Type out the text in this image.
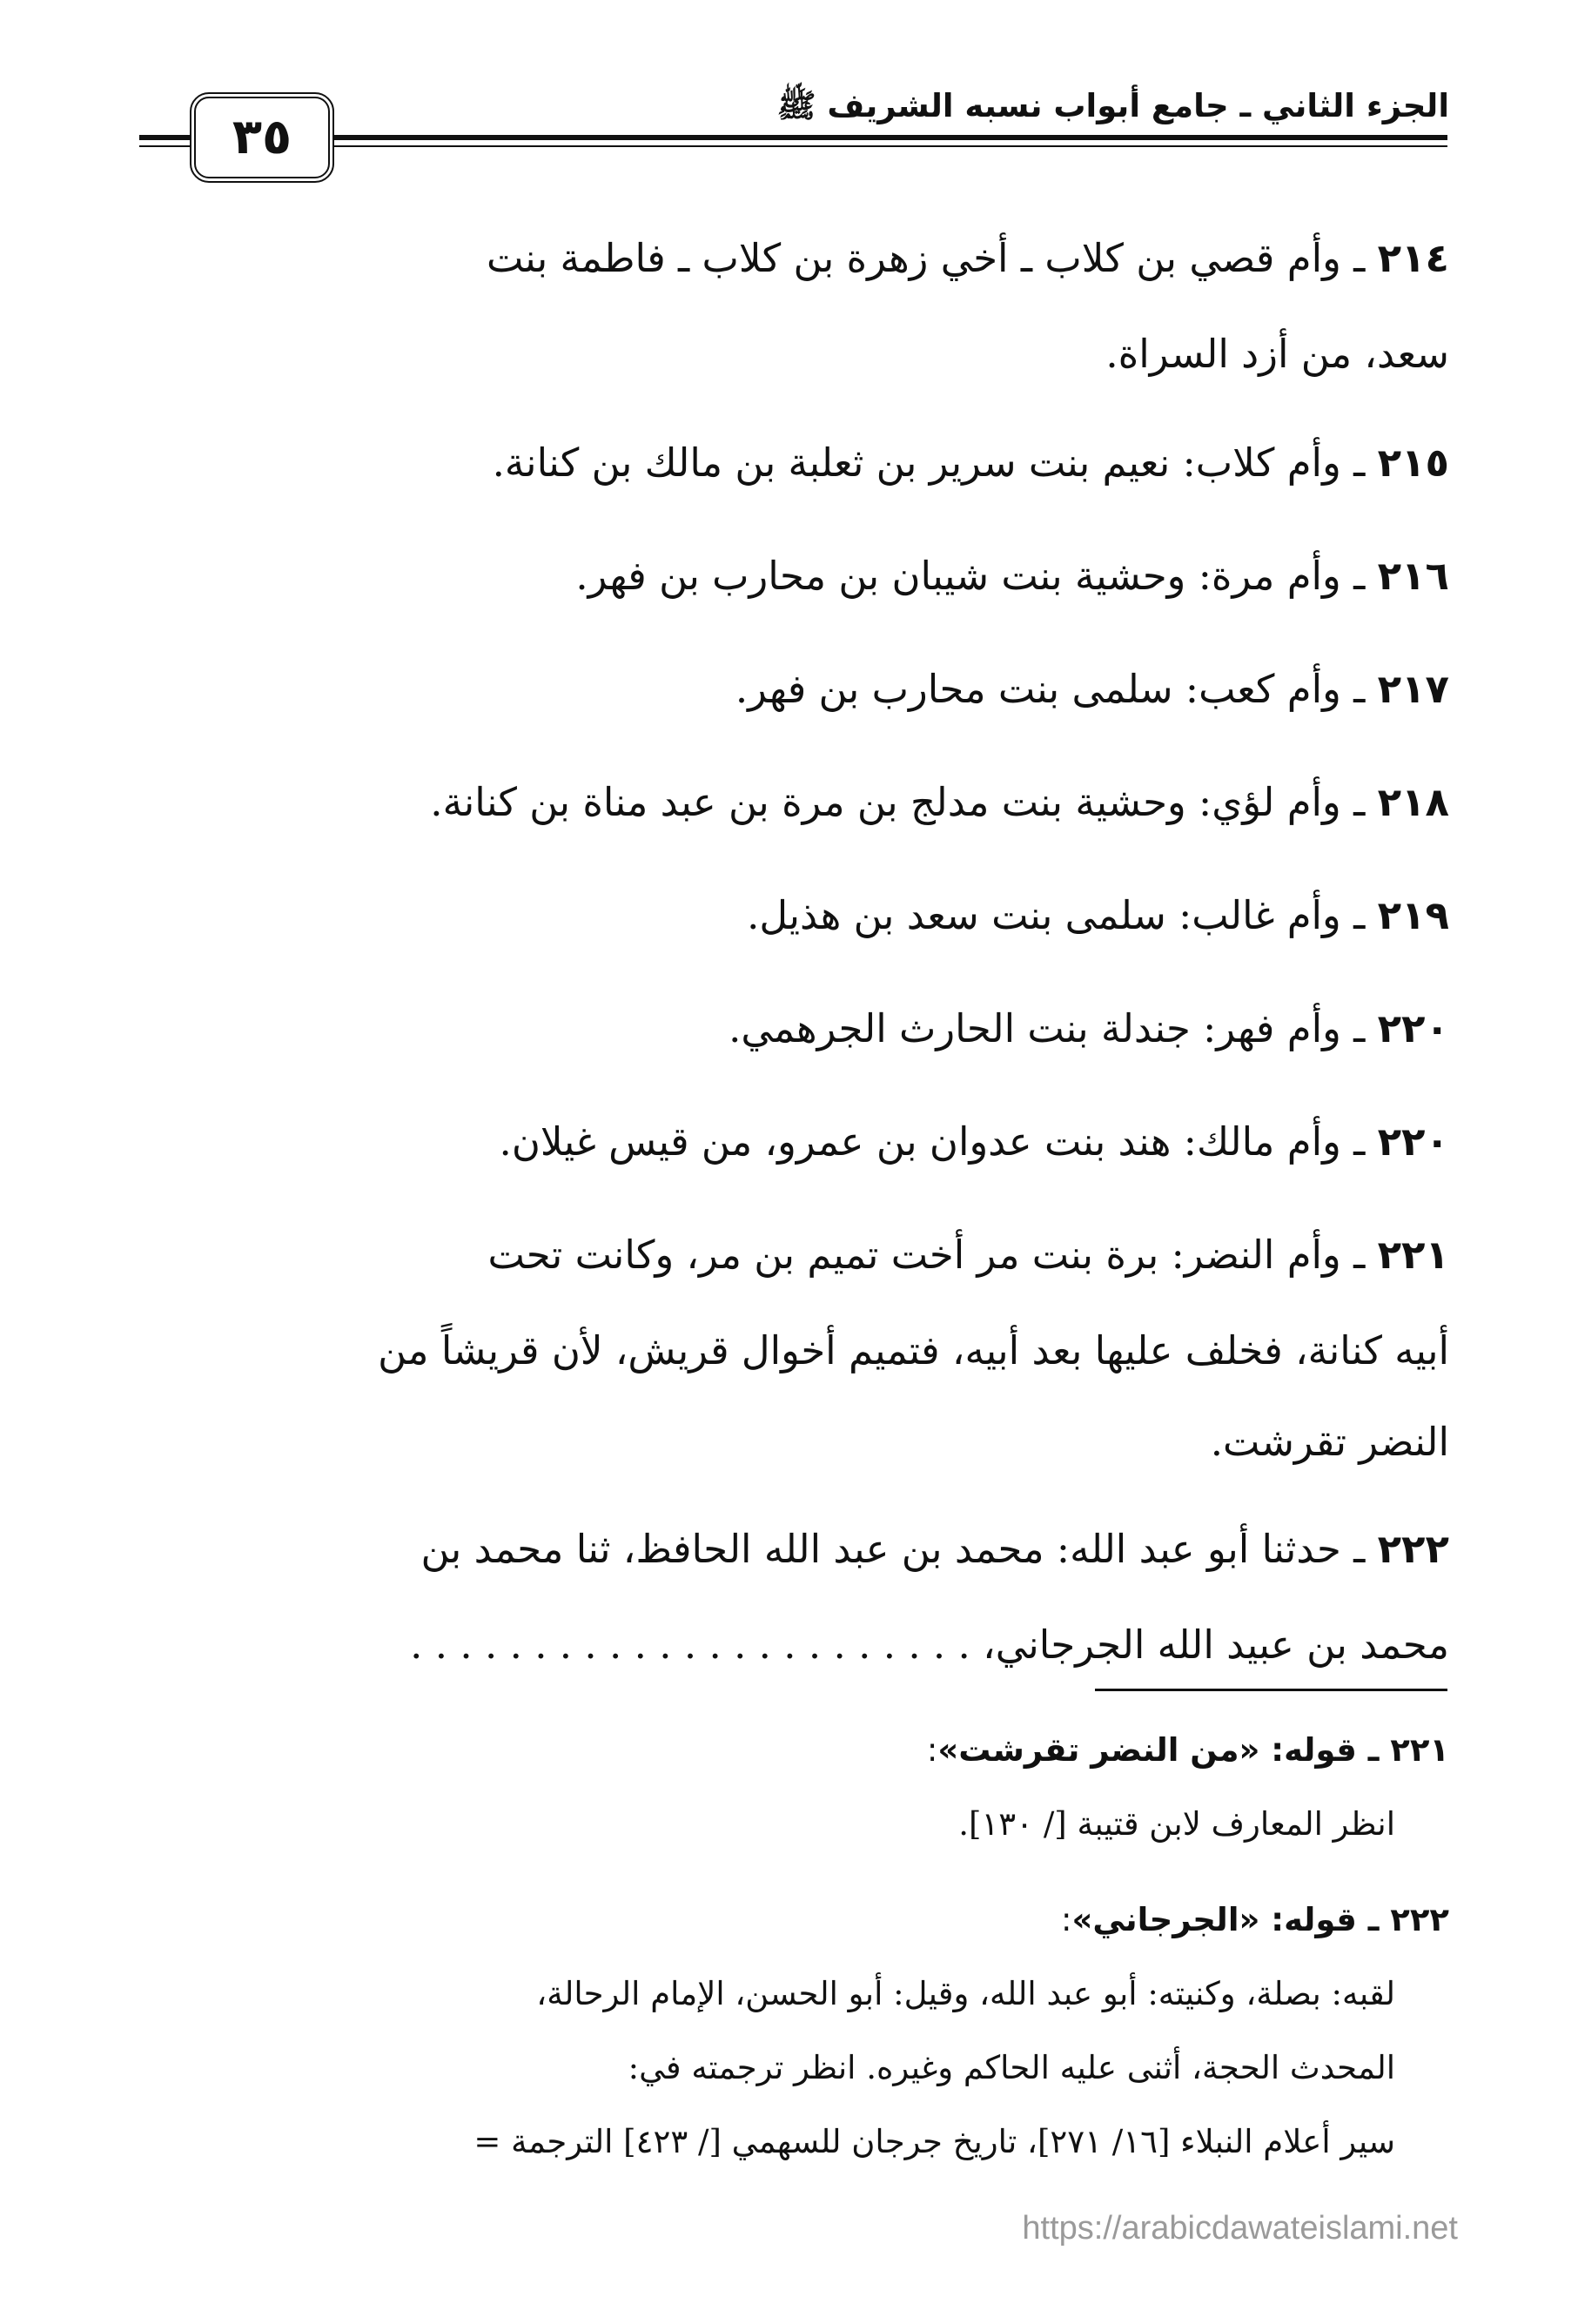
الجزء الثاني ـ جامع أبواب نسبه الشريف ﷺ
٣٥
٢١٤ ـ وأم قصي بن كلاب ـ أخي زهرة بن كلاب ـ فاطمة بنت
سعد، من أزد السراة.
٢١٥ ـ وأم كلاب: نعيم بنت سرير بن ثعلبة بن مالك بن كنانة.
٢١٦ ـ وأم مرة: وحشية بنت شيبان بن محارب بن فهر.
٢١٧ ـ وأم كعب: سلمى بنت محارب بن فهر.
٢١٨ ـ وأم لؤي: وحشية بنت مدلج بن مرة بن عبد مناة بن كنانة.
٢١٩ ـ وأم غالب: سلمى بنت سعد بن هذيل.
٢٢٠ ـ وأم فهر: جندلة بنت الحارث الجرهمي.
٢٢٠ ـ وأم مالك: هند بنت عدوان بن عمرو، من قيس غيلان.
٢٢١ ـ وأم النضر: برة بنت مر أخت تميم بن مر، وكانت تحت
أبيه كنانة، فخلف عليها بعد أبيه، فتميم أخوال قريش، لأن قريشاً من
النضر تقرشت.
٢٢٢ ـ حدثنا أبو عبد الله: محمد بن عبد الله الحافظ، ثنا محمد بن
محمد بن عبيد الله الجرجاني، . . . . . . . . . . . . . . . . . . . . . . .
٢٢١ ـ قوله: «من النضر تقرشت»:
انظر المعارف لابن قتيبة [/ ١٣٠].
٢٢٢ ـ قوله: «الجرجاني»:
لقبه: بصلة، وكنيته: أبو عبد الله، وقيل: أبو الحسن، الإمام الرحالة،
المحدث الحجة، أثنى عليه الحاكم وغيره. انظر ترجمته في:
سير أعلام النبلاء [١٦/ ٢٧١]، تاريخ جرجان للسهمي [/ ٤٢٣] الترجمة =
https://arabicdawateislami.net
